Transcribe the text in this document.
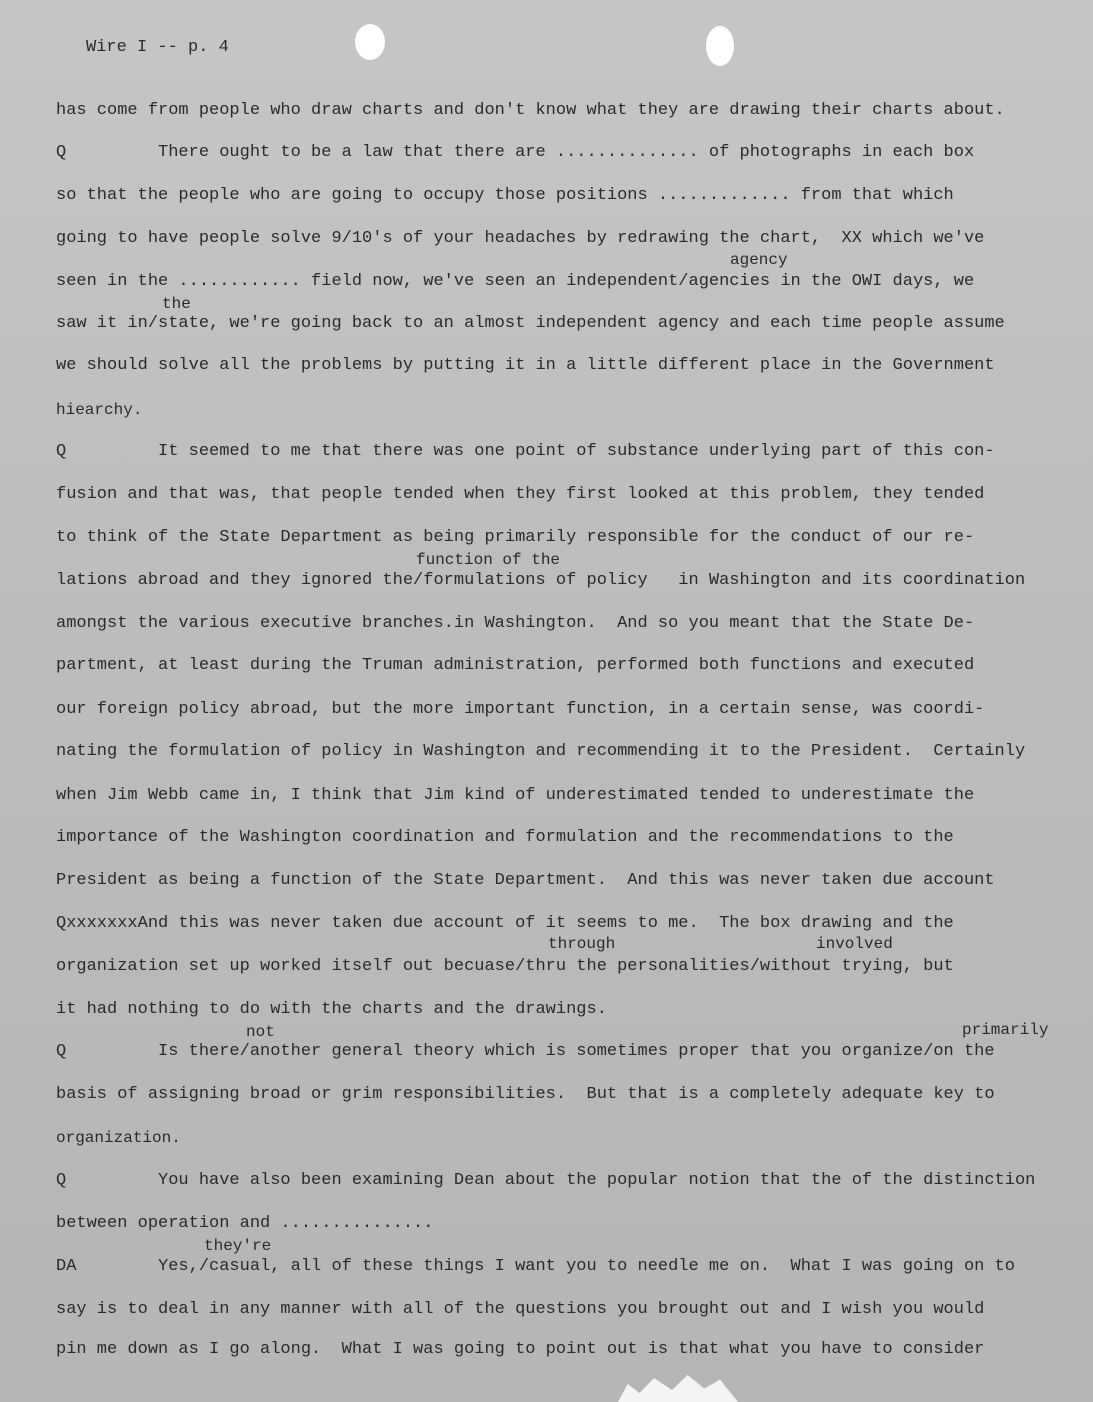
Wire I -- p. 4
has come from people who draw charts and don't know what they are drawing their charts about.
Q         There ought to be a law that there are .............. of photographs in each box
so that the people who are going to occupy those positions ............. from that which
going to have people solve 9/10's of your headaches by redrawing the chart,  XX which we've
agency
seen in the ............ field now, we've seen an independent/agencies in the OWI days, we
the
saw it in/state, we're going back to an almost independent agency and each time people assume
we should solve all the problems by putting it in a little different place in the Government
hiearchy.
Q         It seemed to me that there was one point of substance underlying part of this con-
fusion and that was, that people tended when they first looked at this problem, they tended
to think of the State Department as being primarily responsible for the conduct of our re-
function of the
lations abroad and they ignored the/formulations of policy   in Washington and its coordination
amongst the various executive branches.in Washington.  And so you meant that the State De-
partment, at least during the Truman administration, performed both functions and executed
our foreign policy abroad, but the more important function, in a certain sense, was coordi-
nating the formulation of policy in Washington and recommending it to the President.  Certainly
when Jim Webb came in, I think that Jim kind of underestimated tended to underestimate the
importance of the Washington coordination and formulation and the recommendations to the
President as being a function of the State Department.  And this was never taken due account
QxxxxxxxAnd this was never taken due account of it seems to me.  The box drawing and the
through	involved
organization set up worked itself out becuase/thru the personalities/without trying, but
it had nothing to do with the charts and the drawings.
not	primarily
Q         Is there/another general theory which is sometimes proper that you organize/on the
basis of assigning broad or grim responsibilities.  But that is a completely adequate key to
organization.
Q         You have also been examining Dean about the popular notion that the of the distinction
between operation and ...............
they're
DA        Yes,/casual, all of these things I want you to needle me on.  What I was going on to
say is to deal in any manner with all of the questions you brought out and I wish you would
pin me down as I go along.  What I was going to point out is that what you have to consider
